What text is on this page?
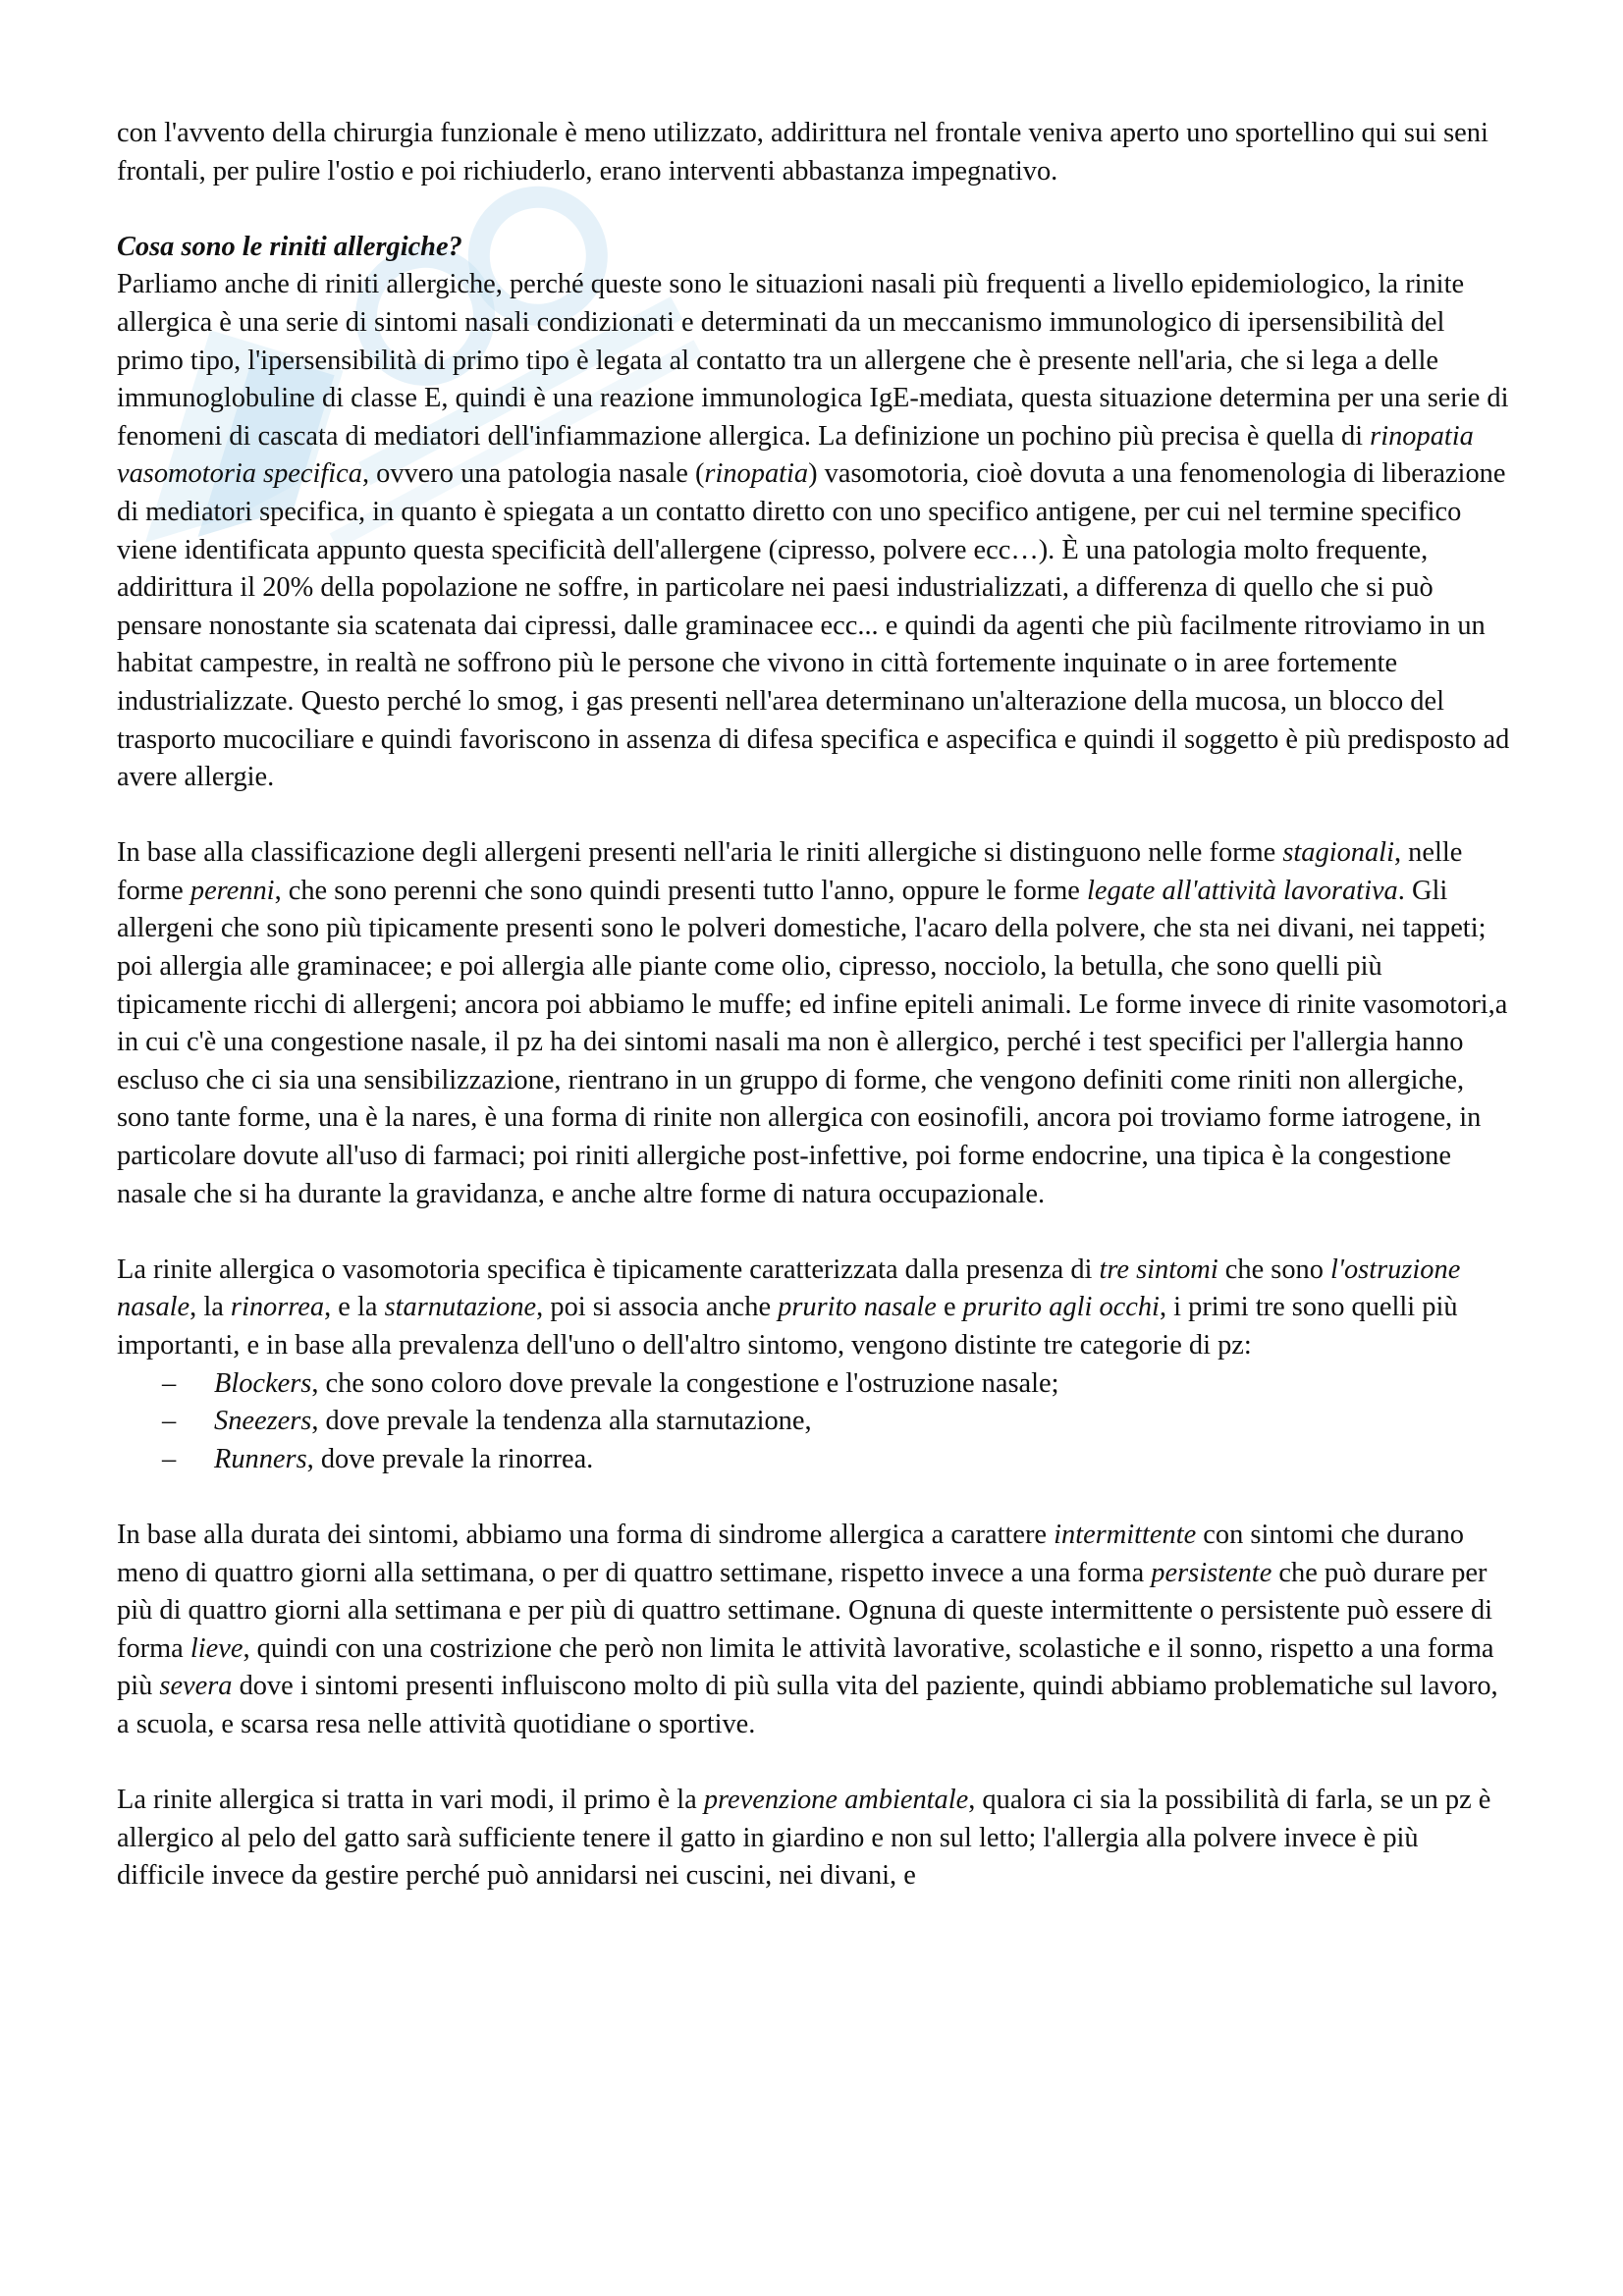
con l'avvento della chirurgia funzionale è meno utilizzato, addirittura nel frontale veniva aperto uno sportellino qui sui seni frontali, per pulire l'ostio e poi richiuderlo, erano interventi abbastanza impegnativo.

Cosa sono le riniti allergiche?

Parliamo anche di riniti allergiche, perché queste sono le situazioni nasali più frequenti a livello epidemiologico, la rinite allergica è una serie di sintomi nasali condizionati e determinati da un meccanismo immunologico di ipersensibilità del primo tipo, l'ipersensibilità di primo tipo è legata al contatto tra un allergene che è presente nell'aria, che si lega a delle immunoglobuline di classe E, quindi è una reazione immunologica IgE-mediata, questa situazione determina per una serie di fenomeni di cascata di mediatori dell'infiammazione allergica. La definizione un pochino più precisa è quella di rinopatia vasomotoria specifica, ovvero una patologia nasale (rinopatia) vasomotoria, cioè dovuta a una fenomenologia di liberazione di mediatori specifica, in quanto è spiegata a un contatto diretto con uno specifico antigene, per cui nel termine specifico viene identificata appunto questa specificità dell'allergene (cipresso, polvere ecc…). È una patologia molto frequente, addirittura il 20% della popolazione ne soffre, in particolare nei paesi industrializzati, a differenza di quello che si può pensare nonostante sia scatenata dai cipressi, dalle graminacee ecc... e quindi da agenti che più facilmente ritroviamo in un habitat campestre, in realtà ne soffrono più le persone che vivono in città fortemente inquinate o in aree fortemente industrializzate. Questo perché lo smog, i gas presenti nell'area determinano un'alterazione della mucosa, un blocco del trasporto mucociliare e quindi favoriscono in assenza di difesa specifica e aspecifica e quindi il soggetto è più predisposto ad avere allergie.

In base alla classificazione degli allergeni presenti nell'aria le riniti allergiche si distinguono nelle forme stagionali, nelle forme perenni, che sono perenni che sono quindi presenti tutto l'anno, oppure le forme legate all'attività lavorativa. Gli allergeni che sono più tipicamente presenti sono le polveri domestiche, l'acaro della polvere, che sta nei divani, nei tappeti; poi allergia alle graminacee; e poi allergia alle piante come olio, cipresso, nocciolo, la betulla, che sono quelli più tipicamente ricchi di allergeni; ancora poi abbiamo le muffe; ed infine epiteli animali. Le forme invece di rinite vasomotori,a in cui c'è una congestione nasale, il pz ha dei sintomi nasali ma non è allergico, perché i test specifici per l'allergia hanno escluso che ci sia una sensibilizzazione, rientrano in un gruppo di forme, che vengono definiti come riniti non allergiche, sono tante forme, una è la nares, è una forma di rinite non allergica con eosinofili, ancora poi troviamo forme iatrogene, in particolare dovute all'uso di farmaci; poi riniti allergiche post-infettive, poi forme endocrine, una tipica è la congestione nasale che si ha durante la gravidanza, e anche altre forme di natura occupazionale.

La rinite allergica o vasomotoria specifica è tipicamente caratterizzata dalla presenza di tre sintomi che sono l'ostruzione nasale, la rinorrea, e la starnutazione, poi si associa anche prurito nasale e prurito agli occhi, i primi tre sono quelli più importanti, e in base alla prevalenza dell'uno o dell'altro sintomo, vengono distinte tre categorie di pz:

– Blockers, che sono coloro dove prevale la congestione e l'ostruzione nasale;
– Sneezers, dove prevale la tendenza alla starnutazione,
– Runners, dove prevale la rinorrea.

In base alla durata dei sintomi, abbiamo una forma di sindrome allergica a carattere intermittente con sintomi che durano meno di quattro giorni alla settimana, o per di quattro settimane, rispetto invece a una forma persistente che può durare per più di quattro giorni alla settimana e per più di quattro settimane. Ognuna di queste intermittente o persistente può essere di forma lieve, quindi con una costrizione che però non limita le attività lavorative, scolastiche e il sonno, rispetto a una forma più severa dove i sintomi presenti influiscono molto di più sulla vita del paziente, quindi abbiamo problematiche sul lavoro, a scuola, e scarsa resa nelle attività quotidiane o sportive.

La rinite allergica si tratta in vari modi, il primo è la prevenzione ambientale, qualora ci sia la possibilità di farla, se un pz è allergico al pelo del gatto sarà sufficiente tenere il gatto in giardino e non sul letto; l'allergia alla polvere invece è più difficile invece da gestire perché può annidarsi nei cuscini, nei divani, e
